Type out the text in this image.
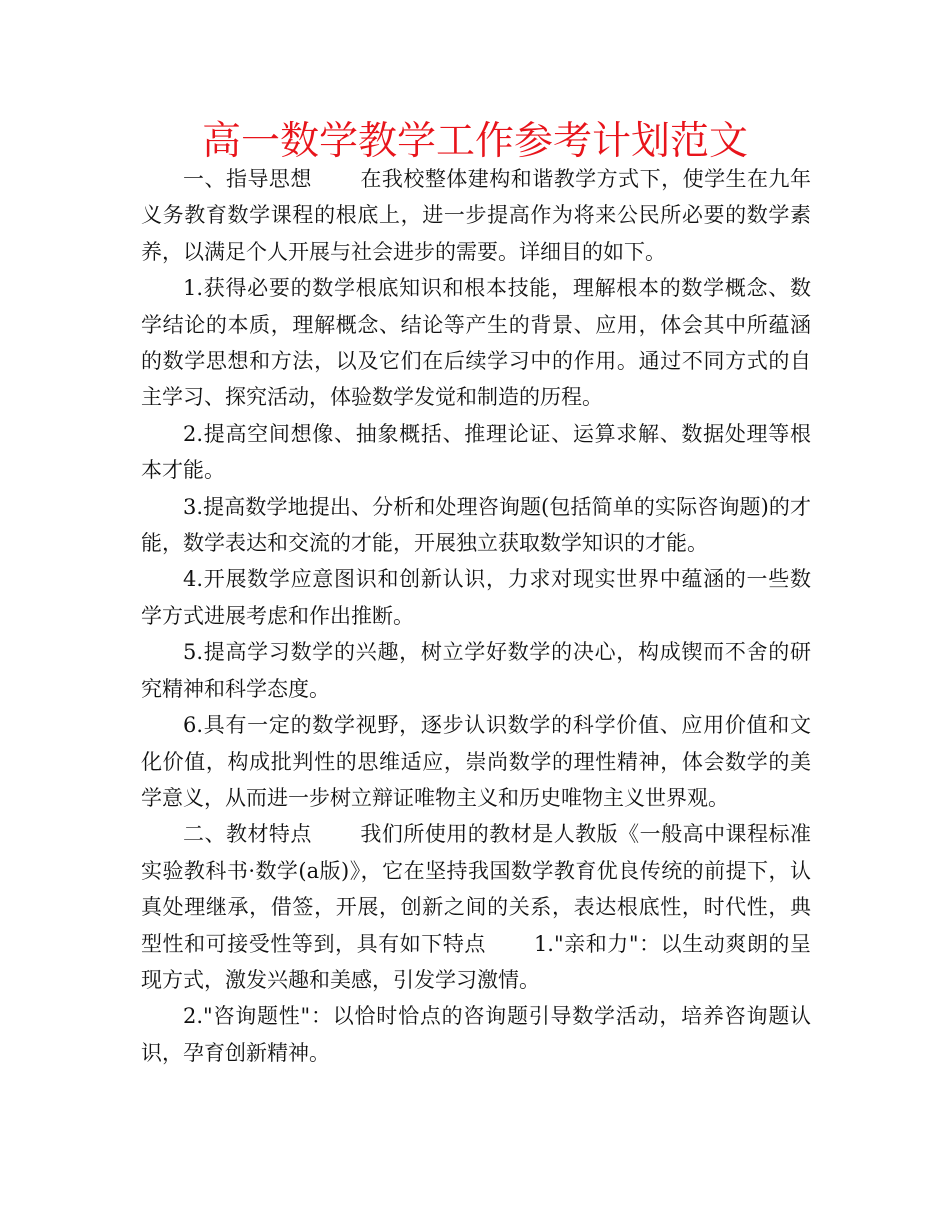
高一数学教学工作参考计划范文

一、指导思想 在我校整体建构和谐教学方式下，使学生在九年义务教育数学课程的根底上，进一步提高作为将来公民所必要的数学素养，以满足个人开展与社会进步的需要。详细目的如下。

1.获得必要的数学根底知识和根本技能，理解根本的数学概念、数学结论的本质，理解概念、结论等产生的背景、应用，体会其中所蕴涵的数学思想和方法，以及它们在后续学习中的作用。通过不同方式的自主学习、探究活动，体验数学发觉和制造的历程。

2.提高空间想像、抽象概括、推理论证、运算求解、数据处理等根本才能。

3.提高数学地提出、分析和处理咨询题(包括简单的实际咨询题)的才能，数学表达和交流的才能，开展独立获取数学知识的才能。

4.开展数学应意图识和创新认识，力求对现实世界中蕴涵的一些数学方式进展考虑和作出推断。

5.提高学习数学的兴趣，树立学好数学的决心，构成锲而不舍的研究精神和科学态度。

6.具有一定的数学视野，逐步认识数学的科学价值、应用价值和文化价值，构成批判性的思维适应，崇尚数学的理性精神，体会数学的美学意义，从而进一步树立辩证唯物主义和历史唯物主义世界观。

二、教材特点 我们所使用的教材是人教版《一般高中课程标准实验教科书·数学(a版)》，它在坚持我国数学教育优良传统的前提下，认真处理继承，借签，开展，创新之间的关系，表达根底性，时代性，典型性和可接受性等到，具有如下特点 1."亲和力"：以生动爽朗的呈现方式，激发兴趣和美感，引发学习激情。

2."咨询题性"：以恰时恰点的咨询题引导数学活动，培养咨询题认识，孕育创新精神。
